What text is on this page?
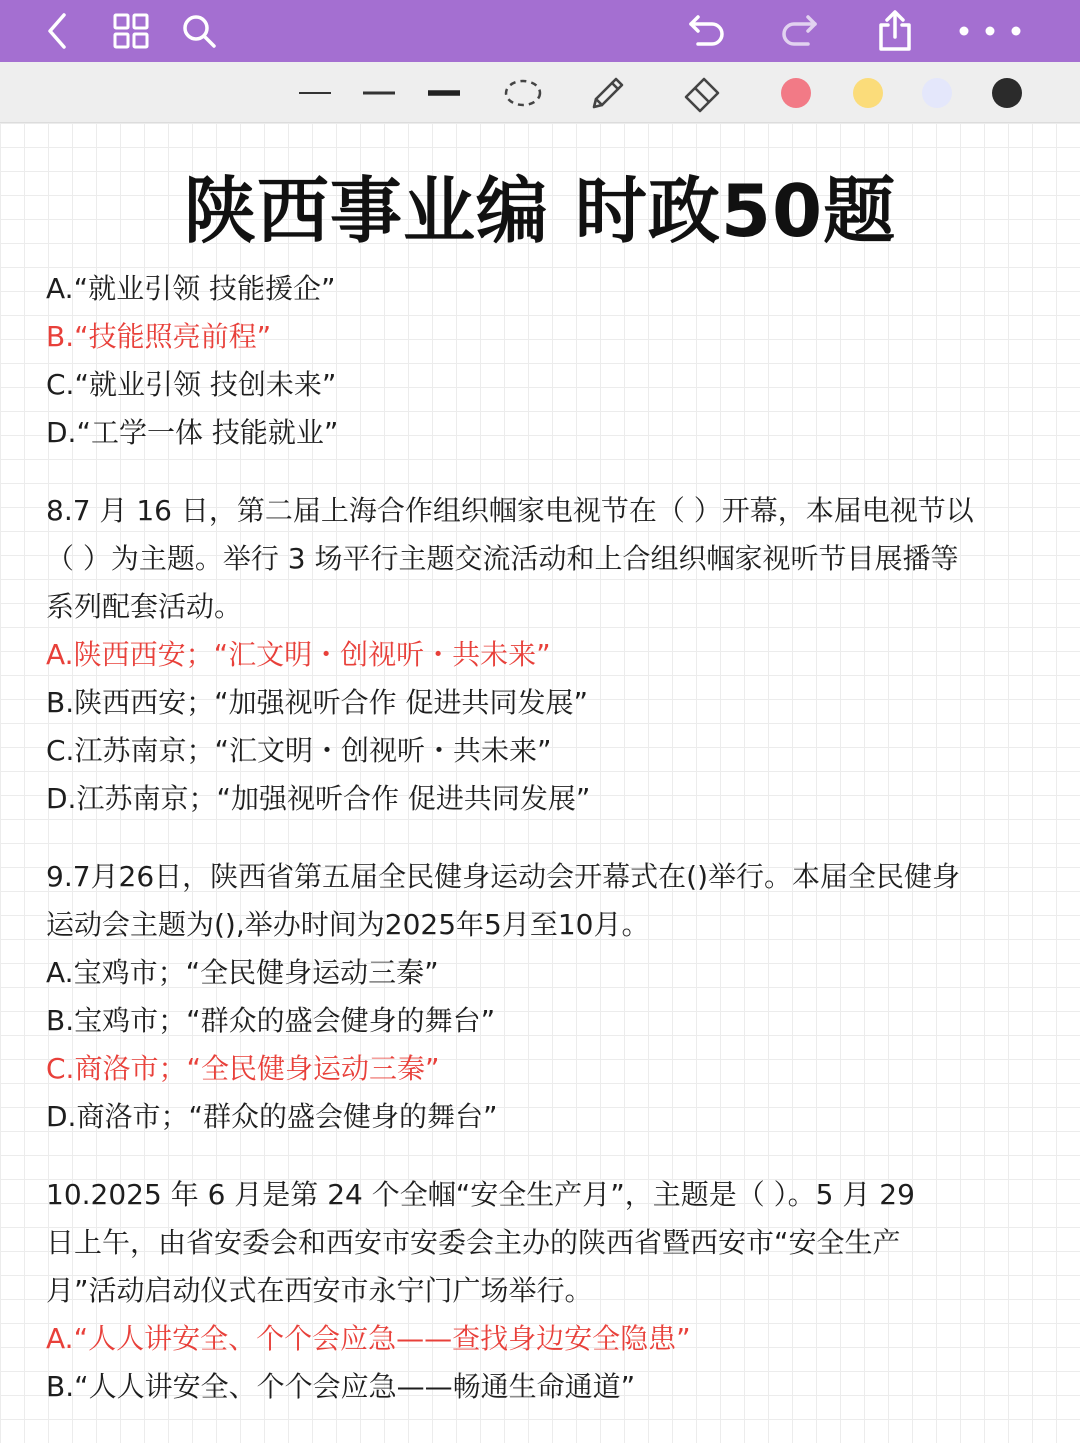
陕西事业编 时政50题
A.“就业引领 技能援企”
B.“技能照亮前程”
C.“就业引领 技创未来”
D.“工学一体 技能就业”
8.7 月 16 日，第二届上海合作组织帼家电视节在（ ）开幕，本届电视节以
（ ）为主题。举行 3 场平行主题交流活动和上合组织帼家视听节目展播等
系列配套活动。
A.陕西西安；“汇文明・创视听・共未来”
B.陕西西安；“加强视听合作 促进共同发展”
C.江苏南京；“汇文明・创视听・共未来”
D.江苏南京；“加强视听合作 促进共同发展”
9.7月26日，陕西省第五届全民健身运动会开幕式在()举行。本届全民健身
运动会主题为(),举办时间为2025年5月至10月。
A.宝鸡市；“全民健身运动三秦”
B.宝鸡市；“群众的盛会健身的舞台”
C.商洛市；“全民健身运动三秦”
D.商洛市；“群众的盛会健身的舞台”
10.2025 年 6 月是第 24 个全帼“安全生产月”，主题是（ ）。5 月 29
日上午，由省安委会和西安市安委会主办的陕西省暨西安市“安全生产
月”活动启动仪式在西安市永宁门广场举行。
A.“人人讲安全、个个会应急——查找身边安全隐患”
B.“人人讲安全、个个会应急——畅通生命通道”
